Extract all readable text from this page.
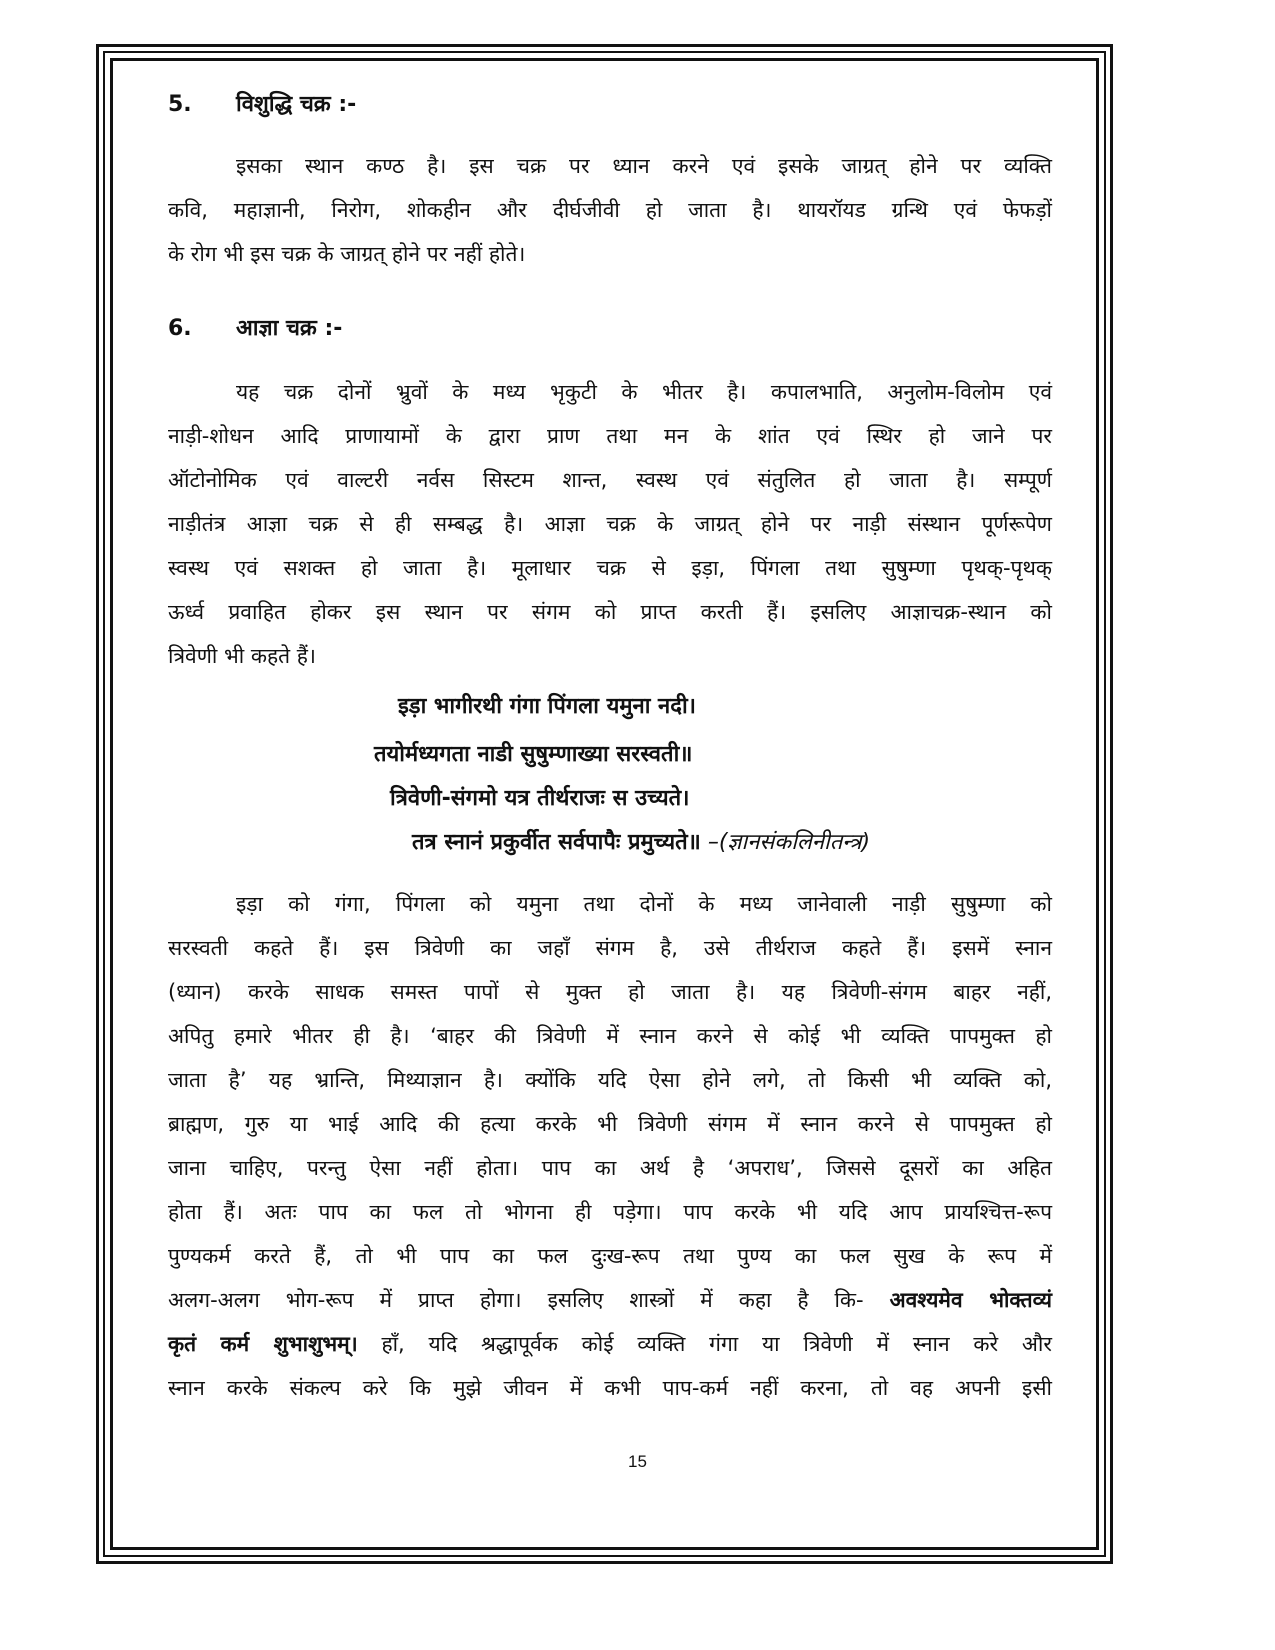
5. विशुद्धि चक्र :-
इसका स्थान कण्ठ है। इस चक्र पर ध्यान करने एवं इसके जाग्रत् होने पर व्यक्ति
कवि, महाज्ञानी, निरोग, शोकहीन और दीर्घजीवी हो जाता है। थायरॉयड ग्रन्थि एवं फेफड़ों
के रोग भी इस चक्र के जाग्रत् होने पर नहीं होते।
6. आज्ञा चक्र :-
यह चक्र दोनों भ्रुवों के मध्य भृकुटी के भीतर है। कपालभाति, अनुलोम-विलोम एवं
नाड़ी-शोधन आदि प्राणायामों के द्वारा प्राण तथा मन के शांत एवं स्थिर हो जाने पर
ऑटोनोमिक एवं वाल्टरी नर्वस सिस्टम शान्त, स्वस्थ एवं संतुलित हो जाता है। सम्पूर्ण
नाड़ीतंत्र आज्ञा चक्र से ही सम्बद्ध है। आज्ञा चक्र के जाग्रत् होने पर नाड़ी संस्थान पूर्णरूपेण
स्वस्थ एवं सशक्त हो जाता है। मूलाधार चक्र से इड़ा, पिंगला तथा सुषुम्णा पृथक्-पृथक्
ऊर्ध्व प्रवाहित होकर इस स्थान पर संगम को प्राप्त करती हैं। इसलिए आज्ञाचक्र-स्थान को
त्रिवेणी भी कहते हैं।
इड़ा भागीरथी गंगा पिंगला यमुना नदी।
तयोर्मध्यगता नाडी सुषुम्णाख्या सरस्वती॥
त्रिवेणी-संगमो यत्र तीर्थराजः स उच्यते।
तत्र स्नानं प्रकुर्वीत सर्वपापैः प्रमुच्यते॥ –(ज्ञानसंकलिनीतन्त्र)
इड़ा को गंगा, पिंगला को यमुना तथा दोनों के मध्य जानेवाली नाड़ी सुषुम्णा को
सरस्वती कहते हैं। इस त्रिवेणी का जहाँ संगम है, उसे तीर्थराज कहते हैं। इसमें स्नान
(ध्यान) करके साधक समस्त पापों से मुक्त हो जाता है। यह त्रिवेणी-संगम बाहर नहीं,
अपितु हमारे भीतर ही है। ‘बाहर की त्रिवेणी में स्नान करने से कोई भी व्यक्ति पापमुक्त हो
जाता है’ यह भ्रान्ति, मिथ्याज्ञान है। क्योंकि यदि ऐसा होने लगे, तो किसी भी व्यक्ति को,
ब्राह्मण, गुरु या भाई आदि की हत्या करके भी त्रिवेणी संगम में स्नान करने से पापमुक्त हो
जाना चाहिए, परन्तु ऐसा नहीं होता। पाप का अर्थ है ‘अपराध’, जिससे दूसरों का अहित
होता हैं। अतः पाप का फल तो भोगना ही पड़ेगा। पाप करके भी यदि आप प्रायश्चित्त-रूप
पुण्यकर्म करते हैं, तो भी पाप का फल दुःख-रूप तथा पुण्य का फल सुख के रूप में
अलग-अलग भोग-रूप में प्राप्त होगा। इसलिए शास्त्रों में कहा है कि- अवश्यमेव भोक्तव्यं
कृतं कर्म शुभाशुभम्। हाँ, यदि श्रद्धापूर्वक कोई व्यक्ति गंगा या त्रिवेणी में स्नान करे और
स्नान करके संकल्प करे कि मुझे जीवन में कभी पाप-कर्म नहीं करना, तो वह अपनी इसी
15
